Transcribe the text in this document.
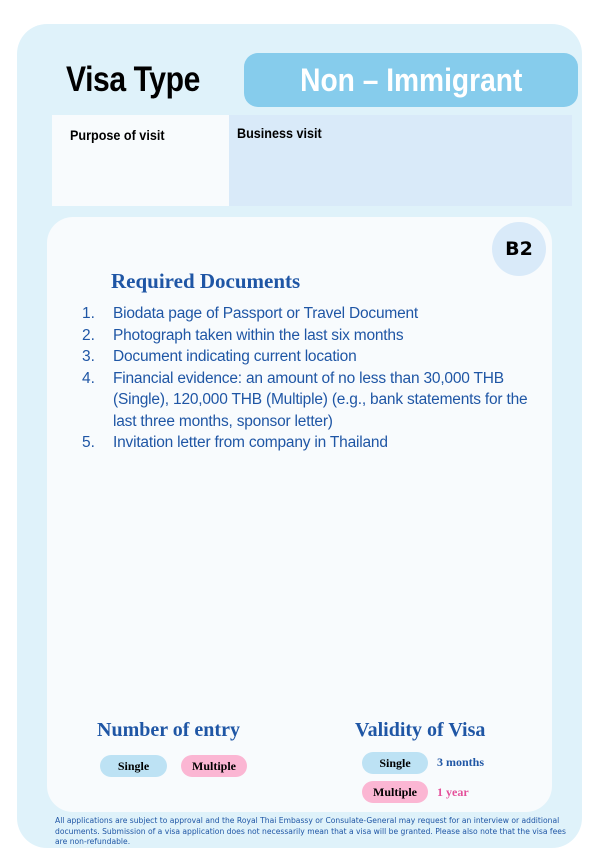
Visa Type	Non – Immigrant
Purpose of visit	Business visit
B2
Required Documents
1.	Biodata page of Passport or Travel Document
2.	Photograph taken within the last six months
3.	Document indicating current location
4.	Financial evidence: an amount of no less than 30,000 THB (Single), 120,000 THB (Multiple) (e.g., bank statements for the last three months, sponsor letter)
5.	Invitation letter from company in Thailand
Number of entry
Single	Multiple
Validity of Visa
Single	3 months
Multiple	1 year
All applications are subject to approval and the Royal Thai Embassy or Consulate-General may request for an interview or additional documents. Submission of a visa application does not necessarily mean that a visa will be granted. Please also note that the visa fees are non-refundable.
